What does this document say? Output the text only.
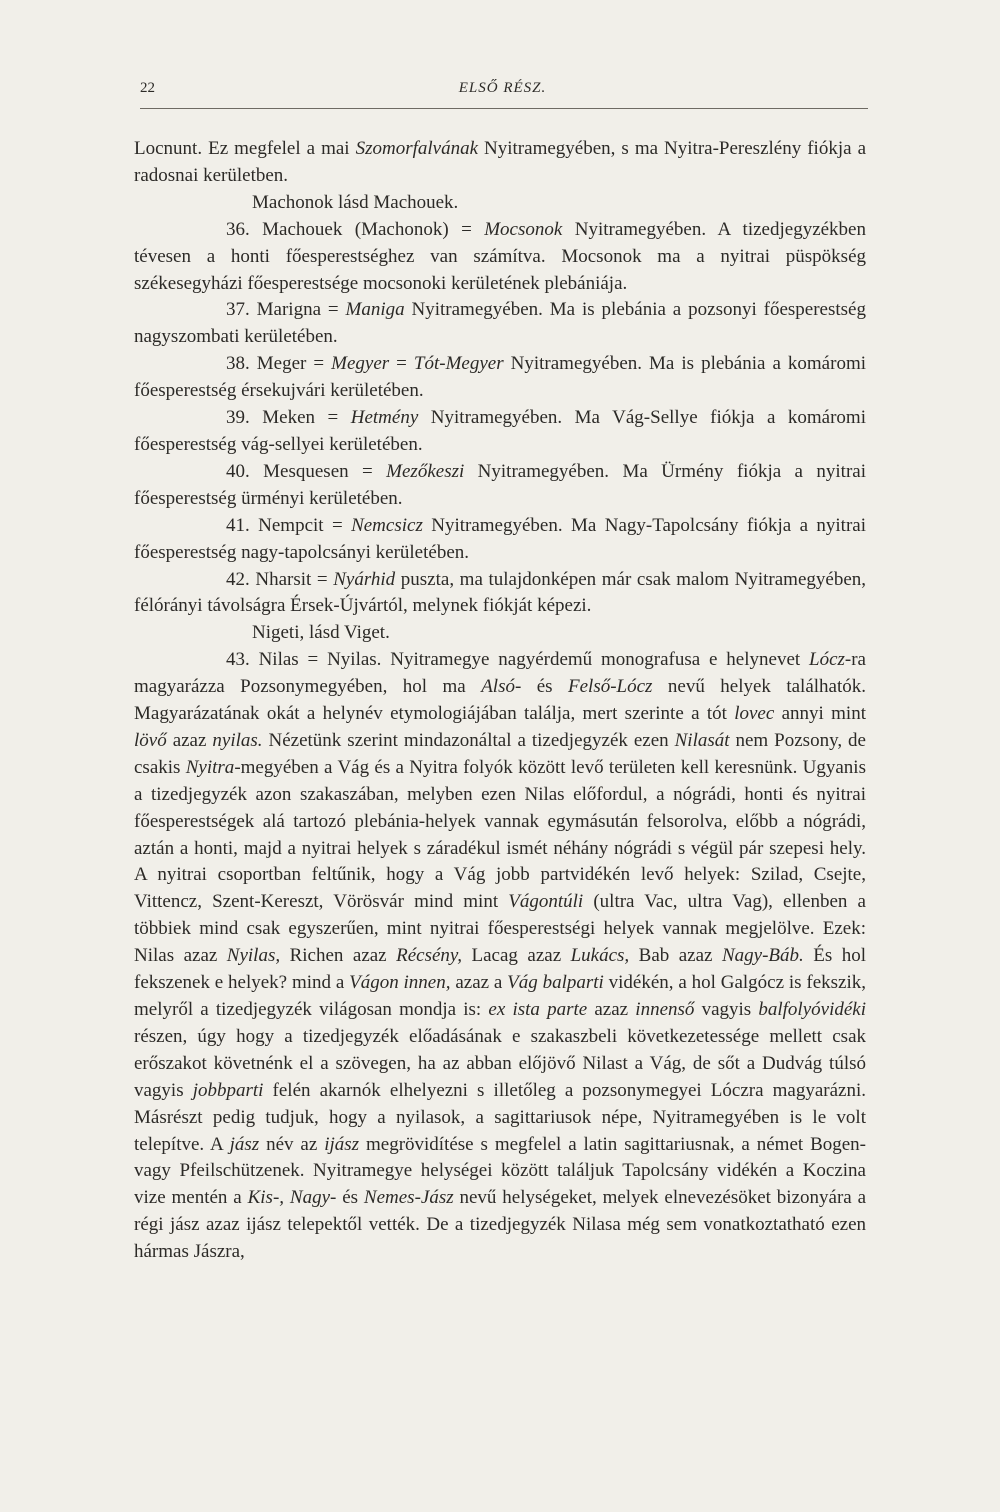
22	ELSŐ RÉSZ.

Locnunt. Ez megfelel a mai Szomorfalvának Nyitramegyében, s ma Nyitra-Pereszlény fiókja a radosnai kerületben.

Machonok lásd Machouek.

36. Machouek (Machonok) = Mocsonok Nyitramegyében. A tizedjegyzékben tévesen a honti főesperestséghez van számítva. Mocsonok ma a nyitrai püspökség székesegyházi főesperestsége mocsonoki kerületének plebániája.

37. Marigna = Maniga Nyitramegyében. Ma is plebánia a pozsonyi főesperestség nagyszombati kerületében.

38. Meger = Megyer = Tót-Megyer Nyitramegyében. Ma is plebánia a komáromi főesperestség érsekujvári kerületében.

39. Meken = Hetmény Nyitramegyében. Ma Vág-Sellye fiókja a komáromi főesperestség vág-sellyei kerületében.

40. Mesquesen = Mezőkeszi Nyitramegyében. Ma Ürmény fiókja a nyitrai főesperestség ürményi kerületében.

41. Nempcit = Nemcsicz Nyitramegyében. Ma Nagy-Tapolcsány fiókja a nyitrai főesperestség nagy-tapolcsányi kerületében.

42. Nharsit = Nyárhid puszta, ma tulajdonképen már csak malom Nyitramegyében, félórányi távolságra Érsek-Újvártól, melynek fiókját képezi.

Nigeti, lásd Viget.

43. Nilas = Nyilas. Nyitramegye nagyérdemű monografusa e helynevet Lócz-ra magyarázza Pozsonymegyében, hol ma Alsó- és Felső-Lócz nevű helyek találhatók. Magyarázatának okát a helynév etymologiájában találja, mert szerinte a tót lovec annyi mint lövő azaz nyilas. Nézetünk szerint mindazonáltal a tizedjegyzék ezen Nilasát nem Pozsony, de csakis Nyitra-megyében a Vág és a Nyitra folyók között levő területen kell keresnünk. Ugyanis a tizedjegyzék azon szakaszában, melyben ezen Nilas előfordul, a nógrádi, honti és nyitrai főesperestségek alá tartozó plebánia-helyek vannak egymásután felsorolva, előbb a nógrádi, aztán a honti, majd a nyitrai helyek s záradékul ismét néhány nógrádi s végül pár szepesi hely. A nyitrai csoportban feltűnik, hogy a Vág jobb partvidékén levő helyek: Szilad, Csejte, Vittencz, Szent-Kereszt, Vörösvár mind mint Vágontúli (ultra Vac, ultra Vag), ellenben a többiek mind csak egyszerűen, mint nyitrai főesperestségi helyek vannak megjelölve. Ezek: Nilas azaz Nyilas, Richen azaz Récsény, Lacag azaz Lukács, Bab azaz Nagy-Báb. És hol fekszenek e helyek? mind a Vágon innen, azaz a Vág balparti vidékén, a hol Galgócz is fekszik, melyről a tizedjegyzék világosan mondja is: ex ista parte azaz innenső vagyis balfolyóvidéki részen, úgy hogy a tizedjegyzék előadásának e szakaszbeli következetessége mellett csak erőszakot követnénk el a szövegen, ha az abban előjövő Nilast a Vág, de sőt a Dudvág túlsó vagyis jobbparti felén akarnók elhelyezni s illetőleg a pozsonymegyei Lóczra magyarázni. Másrészt pedig tudjuk, hogy a nyilasok, a sagittariusok népe, Nyitramegyében is le volt telepítve. A jász név az ijász megrövidítése s megfelel a latin sagittariusnak, a német Bogen- vagy Pfeilschützenek. Nyitramegye helységei között találjuk Tapolcsány vidékén a Koczina vize mentén a Kis-, Nagy- és Nemes-Jász nevű helységeket, melyek elnevezésöket bizonyára a régi jász azaz ijász telepektől vették. De a tizedjegyzék Nilasa még sem vonatkoztatható ezen hármas Jászra,
